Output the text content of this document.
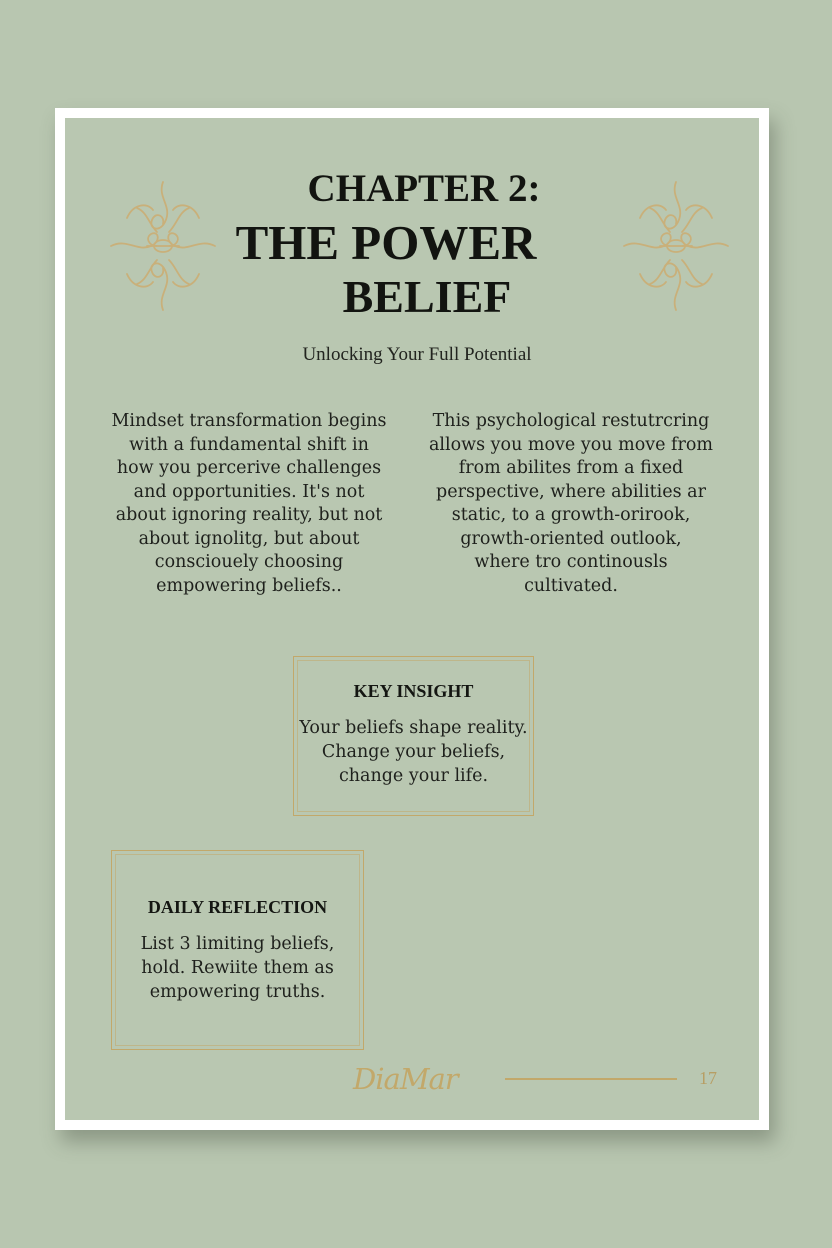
CHAPTER 2:
THE POWER
BELIEF
Unlocking Your Full Potential
Mindset transformation begins
with a fundamental shift in
how you percerive challenges
and opportunities. It's not
about ignoring reality, but not
about ignolitg, but about
consciouely choosing
empowering beliefs..
This psychological restutrcring
allows you move you move from
from abilites from a fixed
perspective, where abilities ar
static, to a growth-orirook,
growth-oriented outlook,
where tro continousls
cultivated.
KEY INSIGHT
Your beliefs shape reality.
Change your beliefs,
change your life.
DAILY REFLECTION
List 3 limiting beliefs,
hold. Rewiite them as
empowering truths.
DiaMar	17
